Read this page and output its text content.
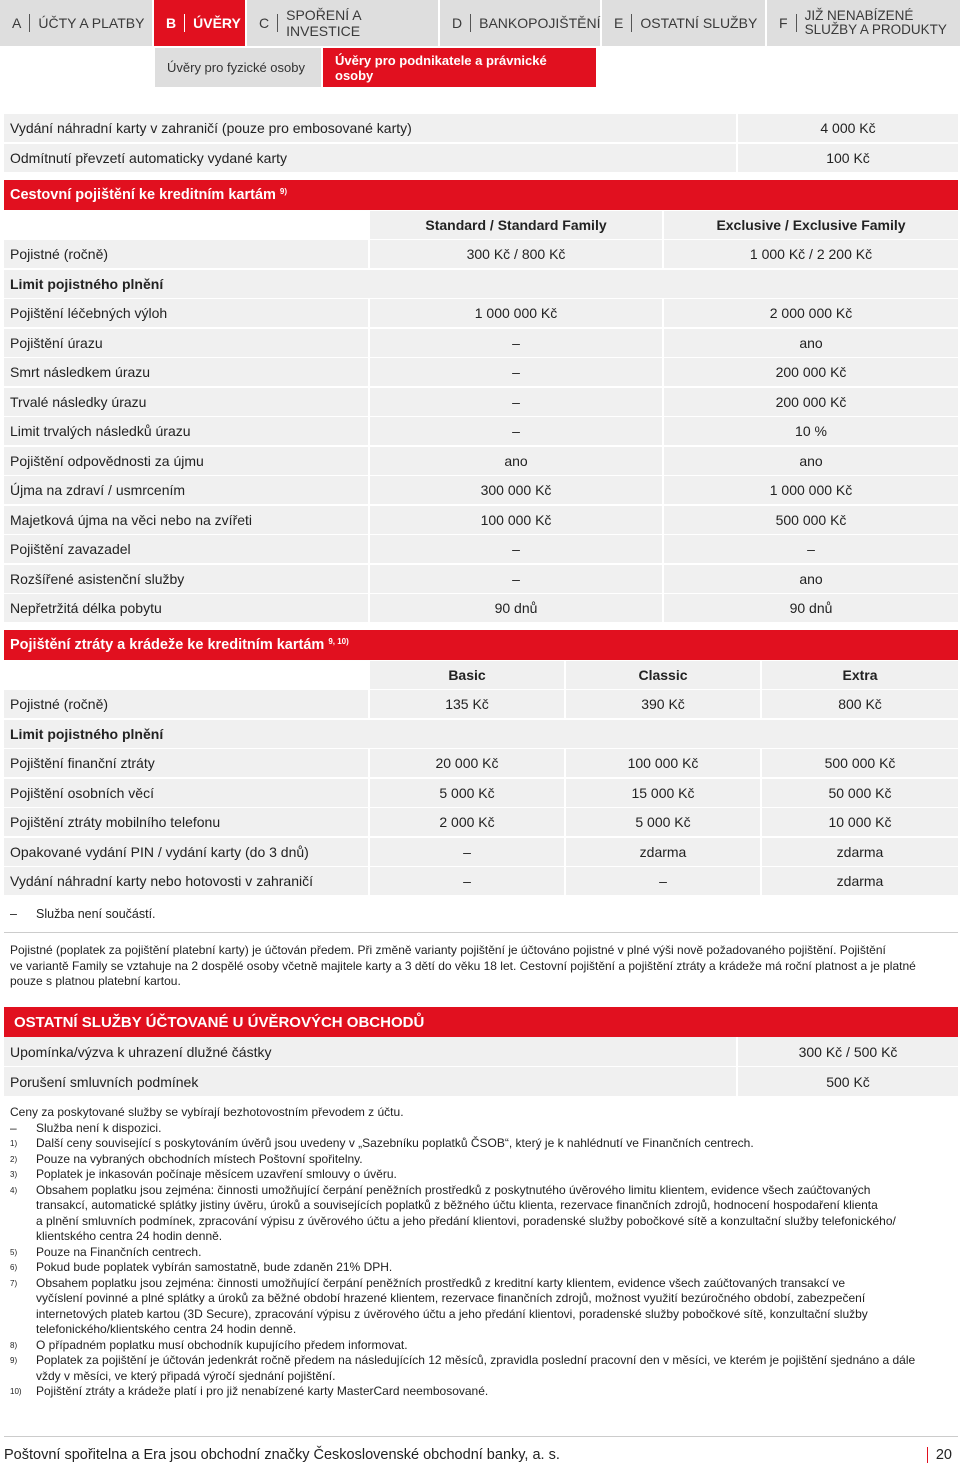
A	ÚČTY A PLATBY B	ÚVĚRY C	SPOŘENÍ A INVESTICE	D	BANKOPOJIŠTĚNÍ E	OSTATNÍ SLUŽBY F	JIŽ NENABÍZENÉ
SLUŽBY A PRODUKTY
Úvěry pro fyzické osoby	Úvěry pro podnikatele a právnické osoby
Vydání náhradní karty v zahraničí (pouze pro embosované karty)	4 000 Kč
Odmítnutí převzetí automaticky vydané karty	100 Kč
Cestovní pojištění ke kreditním kartám $^{9)}$
Standard / Standard Family	Exclusive / Exclusive Family
Pojistné (ročně)	300 Kč / 800 Kč	1 000 Kč / 2 200 Kč
Limit pojistného plnění
Pojištění léčebných výloh	1 000 000 Kč	2 000 000 Kč
Pojištění úrazu	–	ano
Smrt následkem úrazu	–	200 000 Kč
Trvalé následky úrazu	–	200 000 Kč
Limit trvalých následků úrazu	–	10 %
Pojištění odpovědnosti za újmu	ano	ano
Újma na zdraví / usmrcením	300 000 Kč	1 000 000 Kč
Majetková újma na věci nebo na zvířeti	100 000 Kč	500 000 Kč
Pojištění zavazadel	–	–
Rozšířené asistenční služby	–	ano
Nepřetržitá délka pobytu	90 dnů	90 dnů
Pojištění ztráty a krádeže ke kreditním kartám $^{9, 10)}$
Basic	Classic	Extra
Pojistné (ročně)	135 Kč	390 Kč	800 Kč
Limit pojistného plnění
Pojištění finanční ztráty	20 000 Kč	100 000 Kč	500 000 Kč
Pojištění osobních věcí	5 000 Kč	15 000 Kč	50 000 Kč
Pojištění ztráty mobilního telefonu	2 000 Kč	5 000 Kč	10 000 Kč
Opakované vydání PIN / vydání karty (do 3 dnů)	–	zdarma	zdarma
Vydání náhradní karty nebo hotovosti v zahraničí	–	–	zdarma
– Služba není součástí.
Pojistné (poplatek za pojištění platební karty) je účtován předem. Při změně varianty pojištění je účtováno pojistné v plné výši nově požadovaného pojištění. Pojištění
ve variantě Family se vztahuje na 2 dospělé osoby včetně majitele karty a 3 dětí do věku 18 let. Cestovní pojištění a pojištění ztráty a krádeže má roční platnost a je platné
pouze s platnou platební kartou.
OSTATNÍ SLUŽBY ÚČTOVANÉ U ÚVĚROVÝCH OBCHODŮ
Upomínka/výzva k uhrazení dlužné částky	300 Kč / 500 Kč
Porušení smluvních podmínek	500 Kč
Ceny za poskytované služby se vybírají bezhotovostním převodem z účtu.
–	Služba není k dispozici.
1)	Další ceny související s poskytováním úvěrů jsou uvedeny v „Sazebníku poplatků ČSOB“, který je k nahlédnutí ve Finančních centrech.
2)	Pouze na vybraných obchodních místech Poštovní spořitelny.
3)	Poplatek je inkasován počínaje měsícem uzavření smlouvy o úvěru.
4)	Obsahem poplatku jsou zejména: činnosti umožňující čerpání peněžních prostředků z poskytnutého úvěrového limitu klientem, evidence všech zaúčtovaných
transakcí, automatické splátky jistiny úvěru, úroků a souvisejících poplatků z běžného účtu klienta, rezervace finančních zdrojů, hodnocení hospodaření klienta
a plnění smluvních podmínek, zpracování výpisu z úvěrového účtu a jeho předání klientovi, poradenské služby pobočkové sítě a konzultační služby telefonického/
klientského centra 24 hodin denně.
5)	Pouze na Finančních centrech.
6)	Pokud bude poplatek vybírán samostatně, bude zdaněn 21% DPH.
7)	Obsahem poplatku jsou zejména: činnosti umožňující čerpání peněžních prostředků z kreditní karty klientem, evidence všech zaúčtovaných transakcí ve
vyčíslení povinné a plné splátky a úroků za běžné období hrazené klientem, rezervace finančních zdrojů, možnost využití bezúročného období, zabezpečení
internetových plateb kartou (3D Secure), zpracování výpisu z úvěrového účtu a jeho předání klientovi, poradenské služby pobočkové sítě, konzultační služby
telefonického/klientského centra 24 hodin denně.
8)	O případném poplatku musí obchodník kupujícího předem informovat.
9)	Poplatek za pojištění je účtován jedenkrát ročně předem na následujících 12 měsíců, zpravidla poslední pracovní den v měsíci, ve kterém je pojištění sjednáno a dále
vždy v měsíci, ve který připadá výročí sjednání pojištění.
10)	Pojištění ztráty a krádeže platí i pro již nenabízené karty MasterCard neembosované.
Poštovní spořitelna a Era jsou obchodní značky Československé obchodní banky, a. s.	20
